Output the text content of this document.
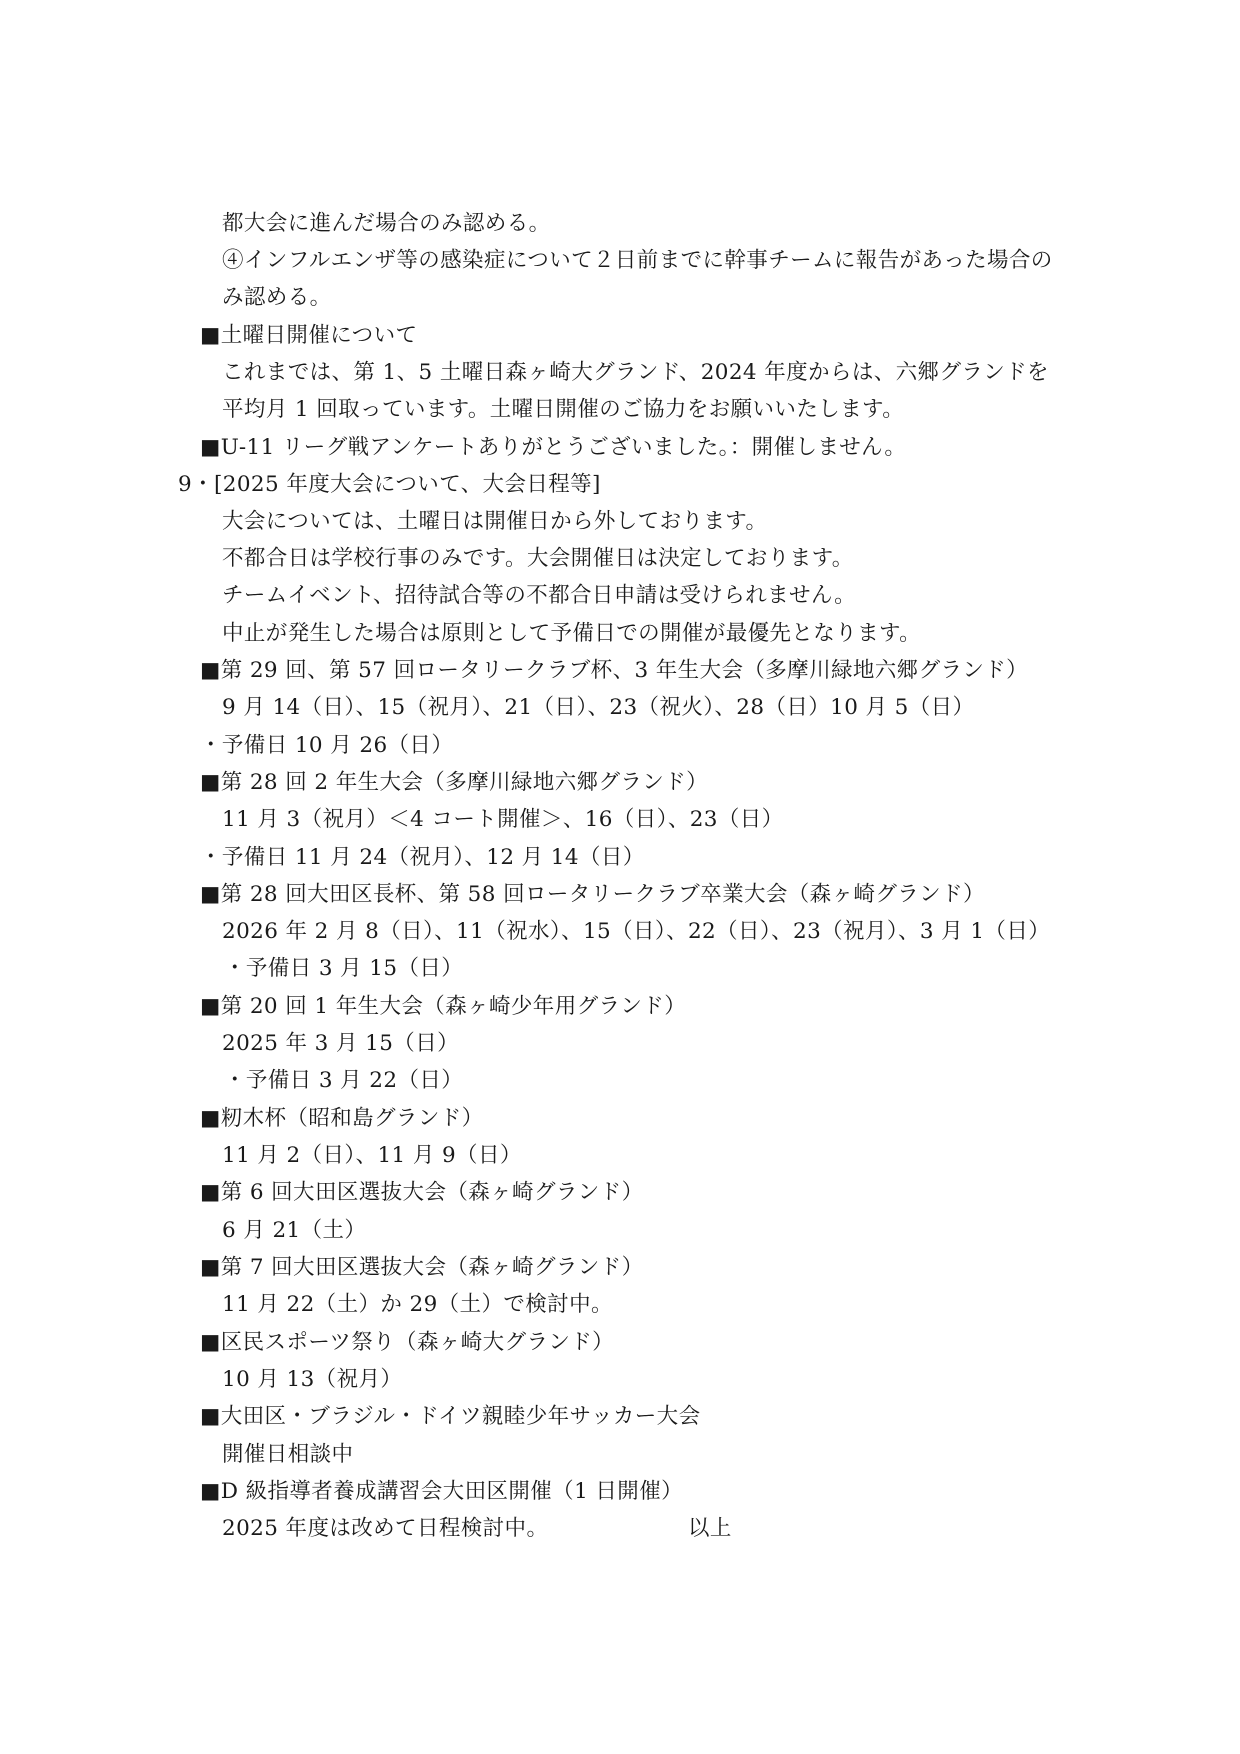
都大会に進んだ場合のみ認める。
④インフルエンザ等の感染症について２日前までに幹事チームに報告があった場合の
み認める。
■土曜日開催について
これまでは、第 1、5 土曜日森ヶ崎大グランド、2024 年度からは、六郷グランドを
平均月 1 回取っています。土曜日開催のご協力をお願いいたします。
■U-11 リーグ戦アンケートありがとうございました。：開催しません。
9・[2025 年度大会について、大会日程等]
大会については、土曜日は開催日から外しております。
不都合日は学校行事のみです。大会開催日は決定しております。
チームイベント、招待試合等の不都合日申請は受けられません。
中止が発生した場合は原則として予備日での開催が最優先となります。
■第 29 回、第 57 回ロータリークラブ杯、3 年生大会（多摩川緑地六郷グランド）
9 月 14（日）、15（祝月）、21（日）、23（祝火）、28（日）10 月 5（日）
・予備日 10 月 26（日）
■第 28 回 2 年生大会（多摩川緑地六郷グランド）
11 月 3（祝月）＜4 コート開催＞、16（日）、23（日）
・予備日 11 月 24（祝月）、12 月 14（日）
■第 28 回大田区長杯、第 58 回ロータリークラブ卒業大会（森ヶ崎グランド）
2026 年 2 月 8（日）、11（祝水）、15（日）、22（日）、23（祝月）、3 月 1（日）
・予備日 3 月 15（日）
■第 20 回 1 年生大会（森ヶ崎少年用グランド）
2025 年 3 月 15（日）
・予備日 3 月 22（日）
■籾木杯（昭和島グランド）
11 月 2（日）、11 月 9（日）
■第 6 回大田区選抜大会（森ヶ崎グランド）
6 月 21（土）
■第 7 回大田区選抜大会（森ヶ崎グランド）
11 月 22（土）か 29（土）で検討中。
■区民スポーツ祭り（森ヶ崎大グランド）
10 月 13（祝月）
■大田区・ブラジル・ドイツ親睦少年サッカー大会
開催日相談中
■D 級指導者養成講習会大田区開催（1 日開催）
2025 年度は改めて日程検討中。	以上
